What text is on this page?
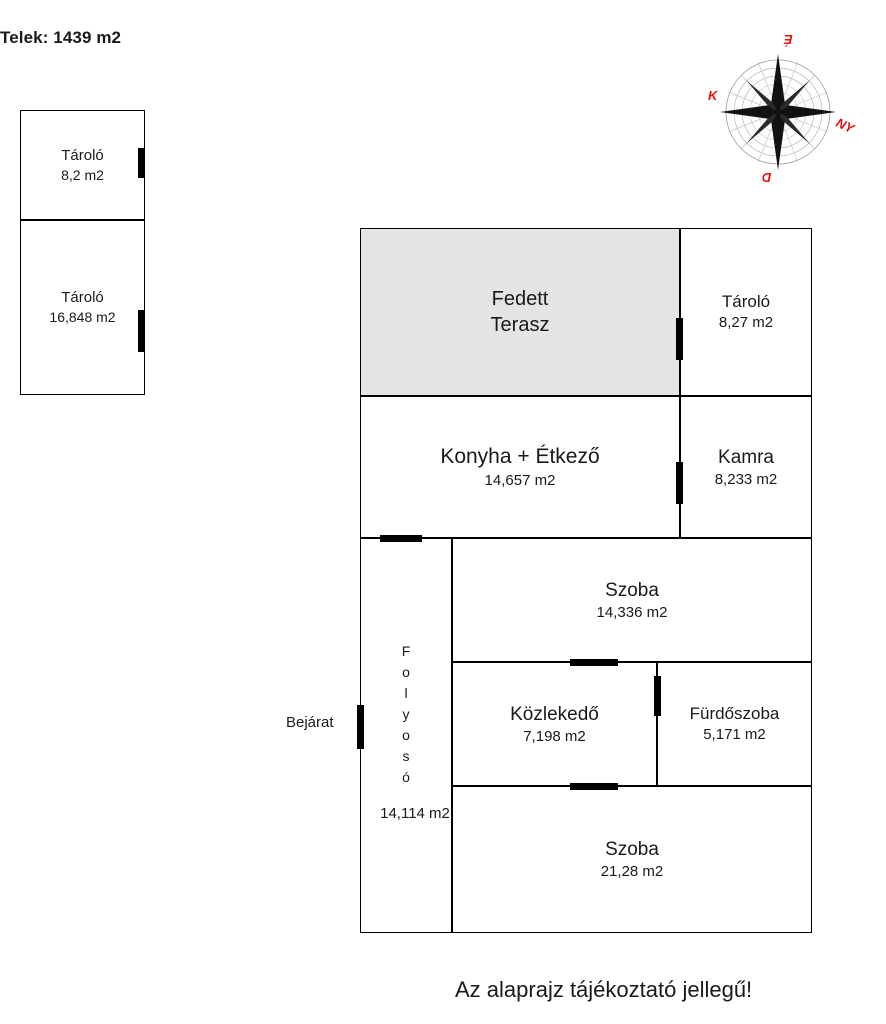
Telek: 1439 m2
Tároló
8,2 m2
Tároló
16,848 m2
Fedett
Terasz
Tároló
8,27 m2
Konyha + Étkező
14,657 m2
Kamra
8,233 m2
Folyosó
14,114 m2
Szoba
14,336 m2
Közlekedő
7,198 m2
Fürdőszoba
5,171 m2
Szoba
21,28 m2
Bejárat
É
K
NY
D
Az alaprajz tájékoztató jellegű!
